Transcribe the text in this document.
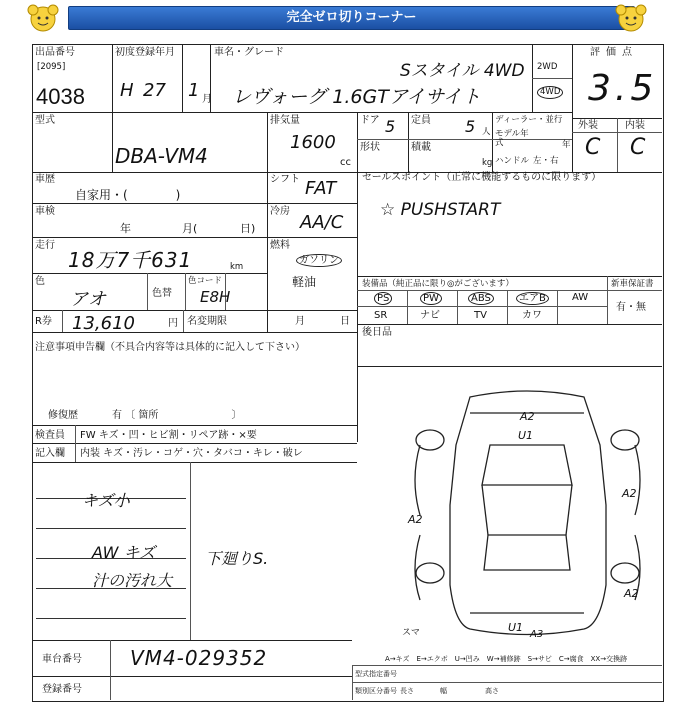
完全ゼロ切りコーナー
出品番号
[2095]
4038
初度登録年月
H 27 1 月
車名・グレード
Sスタイル 4WD
レヴォーグ 1.6GTアイサイト
2WD
4WD
評価点
3.5
型式
DBA-VM4
排気量
1600
cc
ドア 5 定員 5 人
ディーラー・並行
モデル年式	年
形状	積載
kg ハンドル 左・右
外装	内装
C C
車歴
自家用・(　　　　)
シフト FAT
車検
年	月(	日)
冷房
AA/C
走行
18万7千631	km
燃料
ガソリン
軽油
色
アオ	色替
色コード
E8H
R券 13,610	円 名変期限	月	日
注意事項申告欄（不具合内容等は具体的に記入して下さい）
修復歴	有 〔 箇所 　　　　　　　〕
検査員 FW キズ・凹・ヒビ割・リペア跡・×要
記入欄 内装 キズ・汚レ・コゲ・穴・タバコ・キレ・破レ
キズ小
AW キズ
汁の汚れ大
下廻りS.
セールスポイント（正常に機能するものに限ります）
☆ PUSHSTART
装備品（純正品に限り◎がございます）	新車保証書
有・無
PS	PW	ABS	エアB	AW
SR	ナビ	TV	カワ
後日品
A2
U1
A2
A2
A2
U1
A3
スマ
A→キズ　E→エクボ　U→凹み　W→補修跡　S→サビ　C→腐食　XX→交換跡
車台番号 VM4-029352
登録番号
型式指定番号
類別区分番号 長さ	幅	高さ
